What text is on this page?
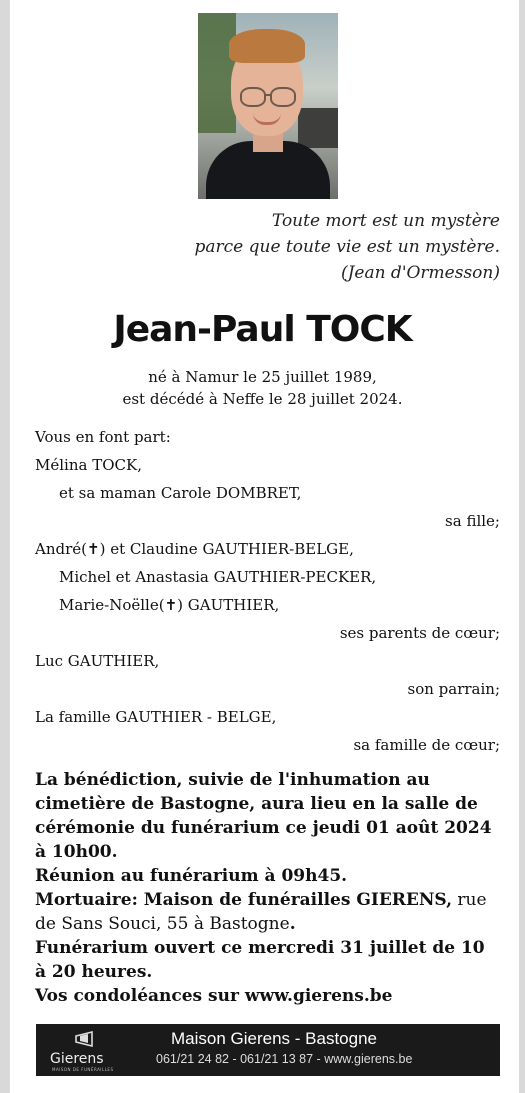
Toute mort est un mystère
parce que toute vie est un mystère.
(Jean d'Ormesson)
Jean-Paul TOCK
né à Namur le 25 juillet 1989,
est décédé à Neffe le 28 juillet 2024.
Vous en font part:
Mélina TOCK,
et sa maman Carole DOMBRET,
sa fille;
André(✝) et Claudine GAUTHIER-BELGE,
Michel et Anastasia GAUTHIER-PECKER,
Marie-Noëlle(✝) GAUTHIER,
ses parents de cœur;
Luc GAUTHIER,
son parrain;
La famille GAUTHIER - BELGE,
sa famille de cœur;
La bénédiction, suivie de l'inhumation au cimetière de Bastogne, aura lieu en la salle de cérémonie du funérarium ce jeudi 01 août 2024 à 10h00.
Réunion au funérarium à 09h45.
Mortuaire: Maison de funérailles GIERENS, rue de Sans Souci, 55 à Bastogne.
Funérarium ouvert ce mercredi 31 juillet de 10 à 20 heures.
Vos condoléances sur www.gierens.be
Gierens
MAISON DE FUNÉRAILLES
Maison Gierens - Bastogne
061/21 24 82 - 061/21 13 87 - www.gierens.be
